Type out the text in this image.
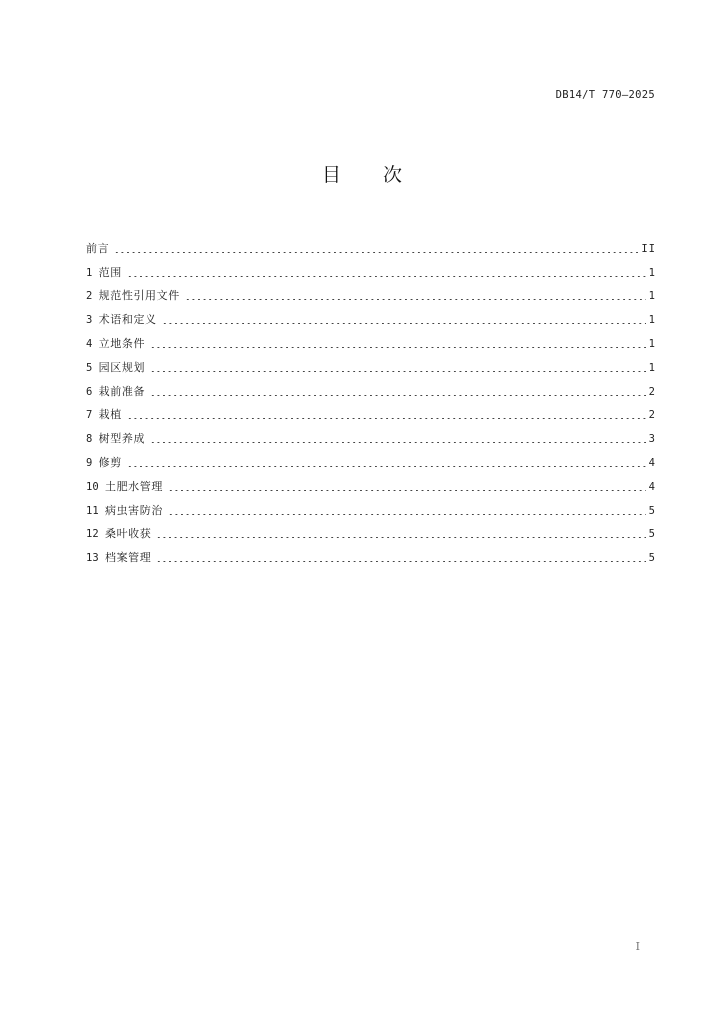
DB14/T 770—2025
目 次
前言	II
1 范围	1
2 规范性引用文件	1
3 术语和定义	1
4 立地条件	1
5 园区规划	1
6 栽前准备	2
7 栽植	2
8 树型养成	3
9 修剪	4
10 土肥水管理	4
11 病虫害防治	5
12 桑叶收获	5
13 档案管理	5
I
